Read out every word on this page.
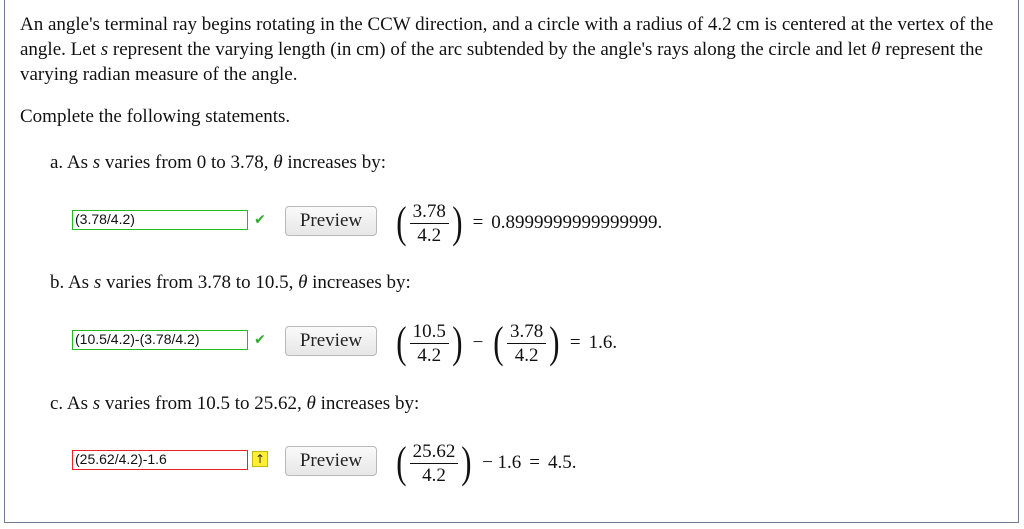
An angle's terminal ray begins rotating in the CCW direction, and a circle with a radius of 4.2 cm is centered at the vertex of the angle. Let s represent the varying length (in cm) of the arc subtended by the angle's rays along the circle and let θ represent the varying radian measure of the angle.
Complete the following statements.
a. As s varies from 0 to 3.78, θ increases by:
(3.78/4.2)	✔	Preview ( $\frac{3.78}{4.2}$ ) = 0.8999999999999999.
b. As s varies from 3.78 to 10.5, θ increases by:
(10.5/4.2)-(3.78/4.2)	✔	Preview ( $\frac{10.5}{4.2}$ ) − ( $\frac{3.78}{4.2}$ ) = 1.6.
c. As s varies from 10.5 to 25.62, θ increases by:
(25.62/4.2)-1.6	↑	Preview ( $\frac{25.62}{4.2}$ ) − 1.6 = 4.5.
